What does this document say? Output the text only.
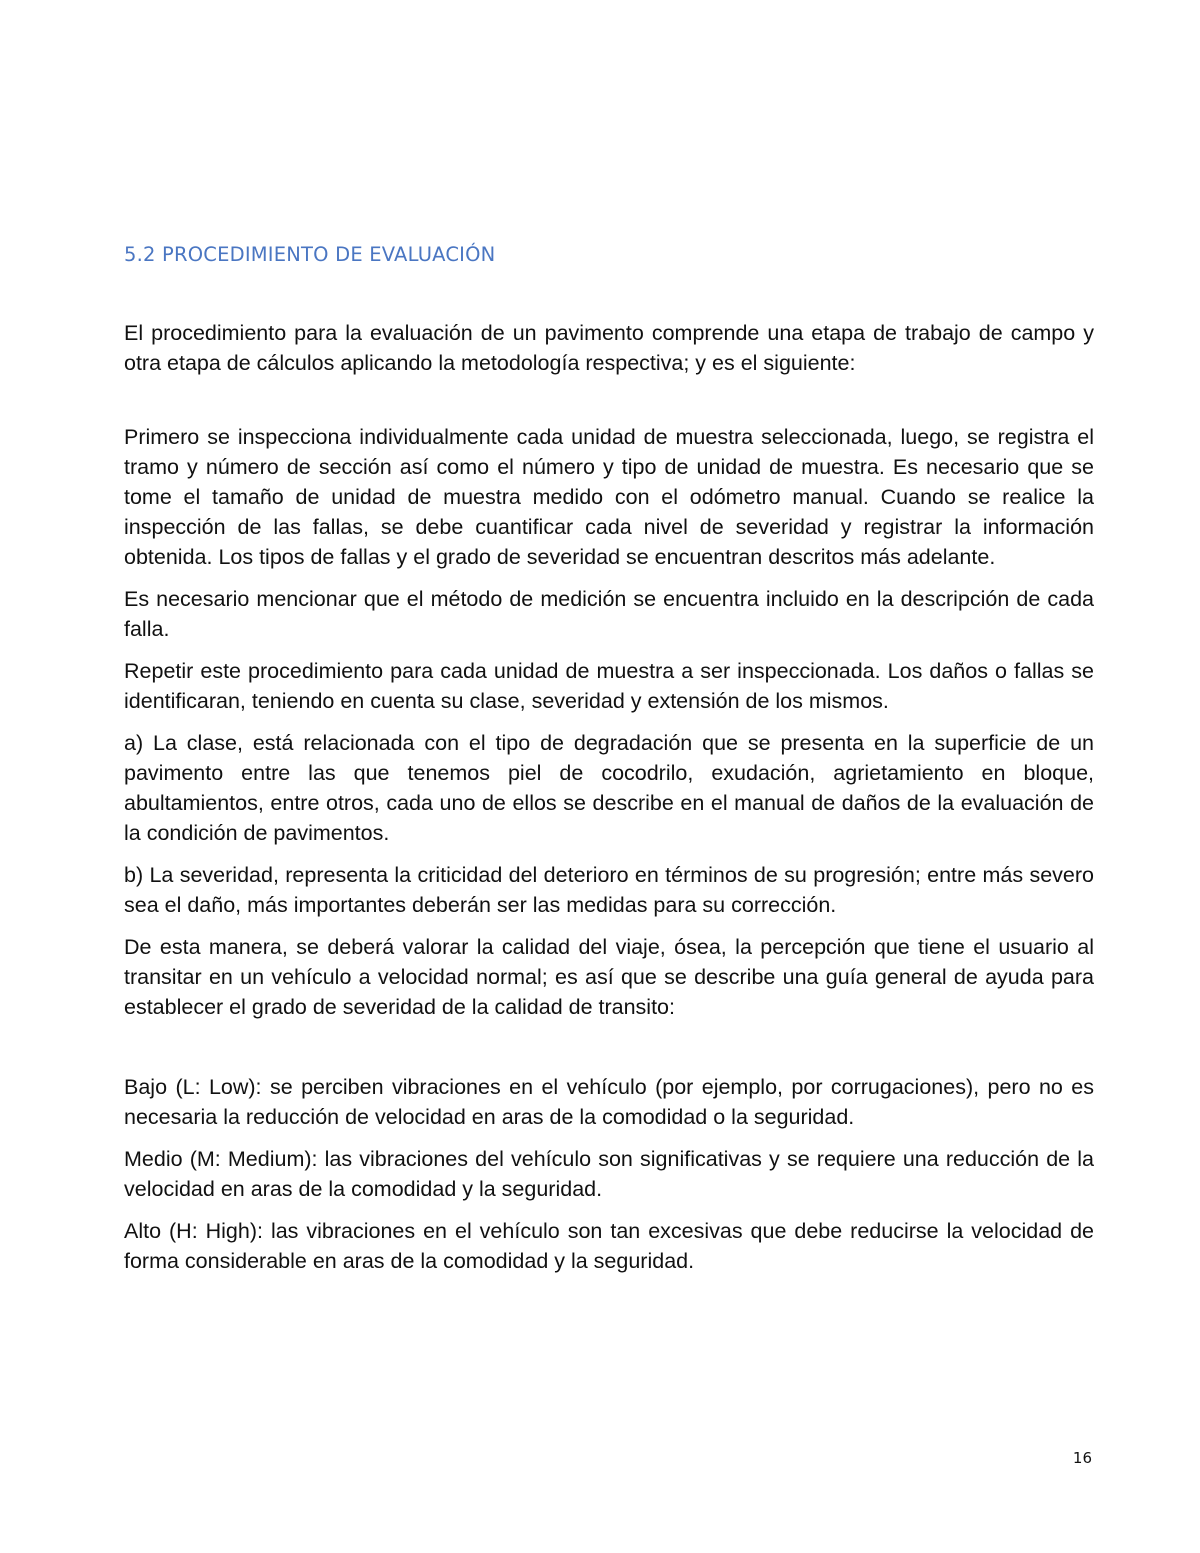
5.2 PROCEDIMIENTO DE EVALUACIÓN

El procedimiento para la evaluación de un pavimento comprende una etapa de trabajo de campo y otra etapa de cálculos aplicando la metodología respectiva; y es el siguiente:

Primero se inspecciona individualmente cada unidad de muestra seleccionada, luego, se registra el tramo y número de sección así como el número y tipo de unidad de muestra. Es necesario que se tome el tamaño de unidad de muestra medido con el odómetro manual. Cuando se realice la inspección de las fallas, se debe cuantificar cada nivel de severidad y registrar la información obtenida. Los tipos de fallas y el grado de severidad se encuentran descritos más adelante.

Es necesario mencionar que el método de medición se encuentra incluido en la descripción de cada falla.

Repetir este procedimiento para cada unidad de muestra a ser inspeccionada. Los daños o fallas se identificaran, teniendo en cuenta su clase, severidad y extensión de los mismos.

a) La clase, está relacionada con el tipo de degradación que se presenta en la superficie de un pavimento entre las que tenemos piel de cocodrilo, exudación, agrietamiento en bloque, abultamientos, entre otros, cada uno de ellos se describe en el manual de daños de la evaluación de la condición de pavimentos.

b) La severidad, representa la criticidad del deterioro en términos de su progresión; entre más severo sea el daño, más importantes deberán ser las medidas para su corrección.

De esta manera, se deberá valorar la calidad del viaje, ósea, la percepción que tiene el usuario al transitar en un vehículo a velocidad normal; es así que se describe una guía general de ayuda para establecer el grado de severidad de la calidad de transito:

Bajo (L: Low): se perciben vibraciones en el vehículo (por ejemplo, por corrugaciones), pero no es necesaria la reducción de velocidad en aras de la comodidad o la seguridad.

Medio (M: Medium): las vibraciones del vehículo son significativas y se requiere una reducción de la velocidad en aras de la comodidad y la seguridad.

Alto (H: High): las vibraciones en el vehículo son tan excesivas que debe reducirse la velocidad de forma considerable en aras de la comodidad y la seguridad.

16
